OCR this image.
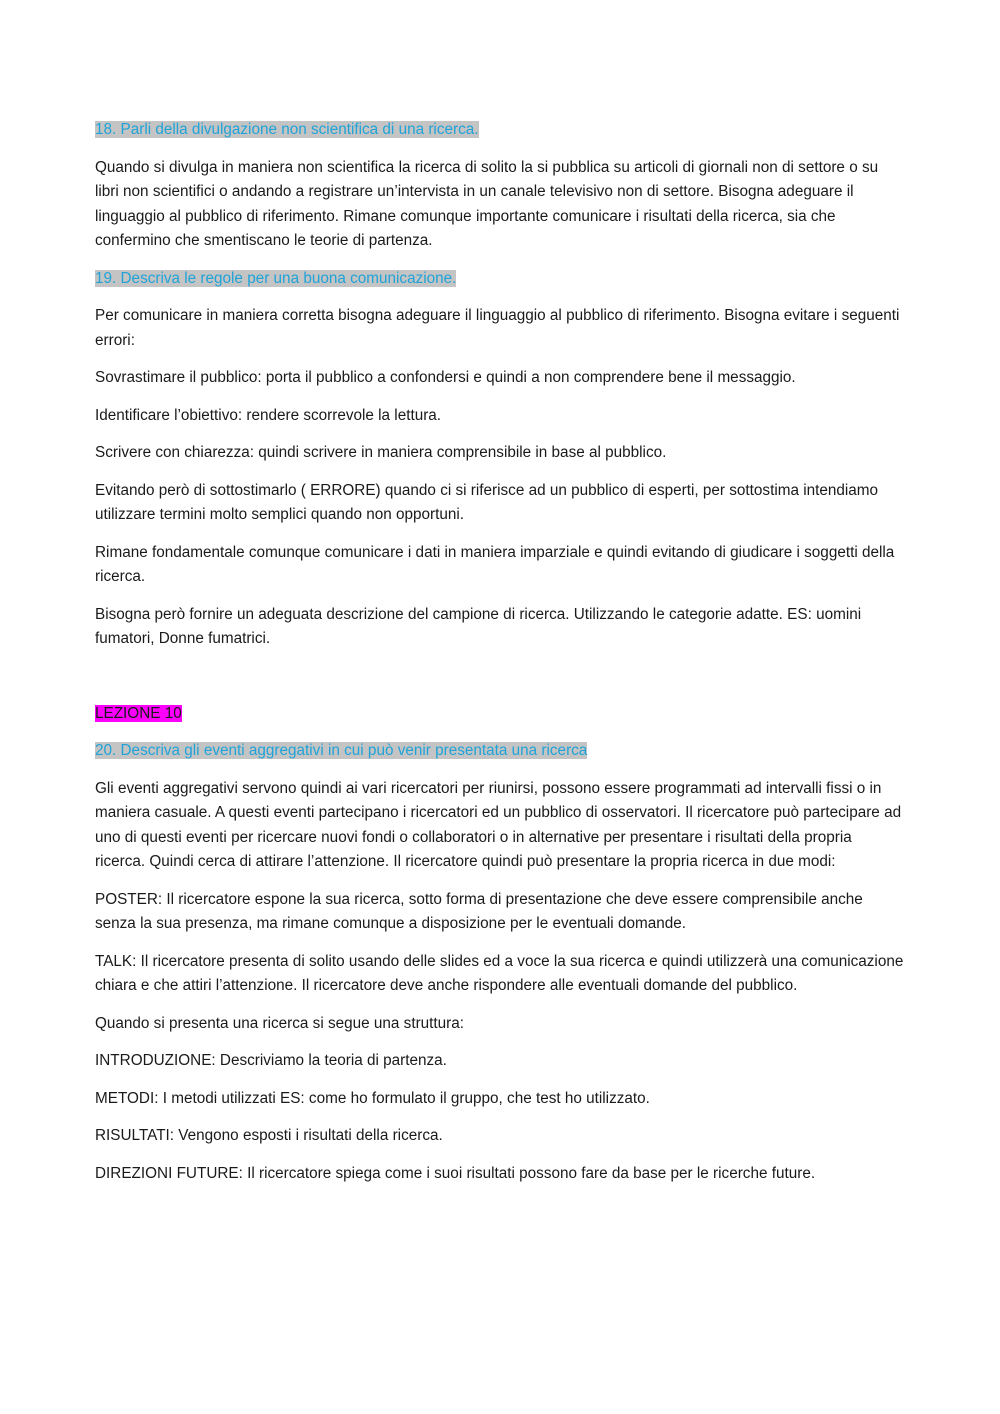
18. Parli della divulgazione non scientifica di una ricerca.

Quando si divulga in maniera non scientifica la ricerca di solito la si pubblica su articoli di giornali non di settore o su libri non scientifici o andando a registrare un’intervista in un canale televisivo non di settore. Bisogna adeguare il linguaggio al pubblico di riferimento. Rimane comunque importante comunicare i risultati della ricerca, sia che confermino che smentiscano le teorie di partenza.

19. Descriva le regole per una buona comunicazione.

Per comunicare in maniera corretta bisogna adeguare il linguaggio al pubblico di riferimento. Bisogna evitare i seguenti errori:

Sovrastimare il pubblico: porta il pubblico a confondersi e quindi a non comprendere bene il messaggio.

Identificare l’obiettivo: rendere scorrevole la lettura.

Scrivere con chiarezza: quindi scrivere in maniera comprensibile in base al pubblico.

Evitando però di sottostimarlo ( ERRORE) quando ci si riferisce ad un pubblico di esperti, per sottostima intendiamo utilizzare termini molto semplici quando non opportuni.

Rimane fondamentale comunque comunicare i dati in maniera imparziale e quindi evitando di giudicare i soggetti della ricerca.

Bisogna però fornire un adeguata descrizione del campione di ricerca. Utilizzando le categorie adatte. ES: uomini fumatori, Donne fumatrici.

LEZIONE 10
20. Descriva gli eventi aggregativi in cui può venir presentata una ricerca

Gli eventi aggregativi servono quindi ai vari ricercatori per riunirsi, possono essere programmati ad intervalli fissi o in maniera casuale. A questi eventi partecipano i ricercatori ed un pubblico di osservatori. Il ricercatore può partecipare ad uno di questi eventi per ricercare nuovi fondi o collaboratori o in alternative per presentare i risultati della propria ricerca. Quindi cerca di attirare l’attenzione. Il ricercatore quindi può presentare la propria ricerca in due modi:

POSTER: Il ricercatore espone la sua ricerca, sotto forma di presentazione che deve essere comprensibile anche senza la sua presenza, ma rimane comunque a disposizione per le eventuali domande.

TALK: Il ricercatore presenta di solito usando delle slides ed a voce la sua ricerca e quindi utilizzerà una comunicazione chiara e che attiri l’attenzione. Il ricercatore deve anche rispondere alle eventuali domande del pubblico.

Quando si presenta una ricerca si segue una struttura:

INTRODUZIONE: Descriviamo la teoria di partenza.

METODI: I metodi utilizzati ES: come ho formulato il gruppo, che test ho utilizzato.

RISULTATI: Vengono esposti i risultati della ricerca.

DIREZIONI FUTURE: Il ricercatore spiega come i suoi risultati possono fare da base per le ricerche future.
